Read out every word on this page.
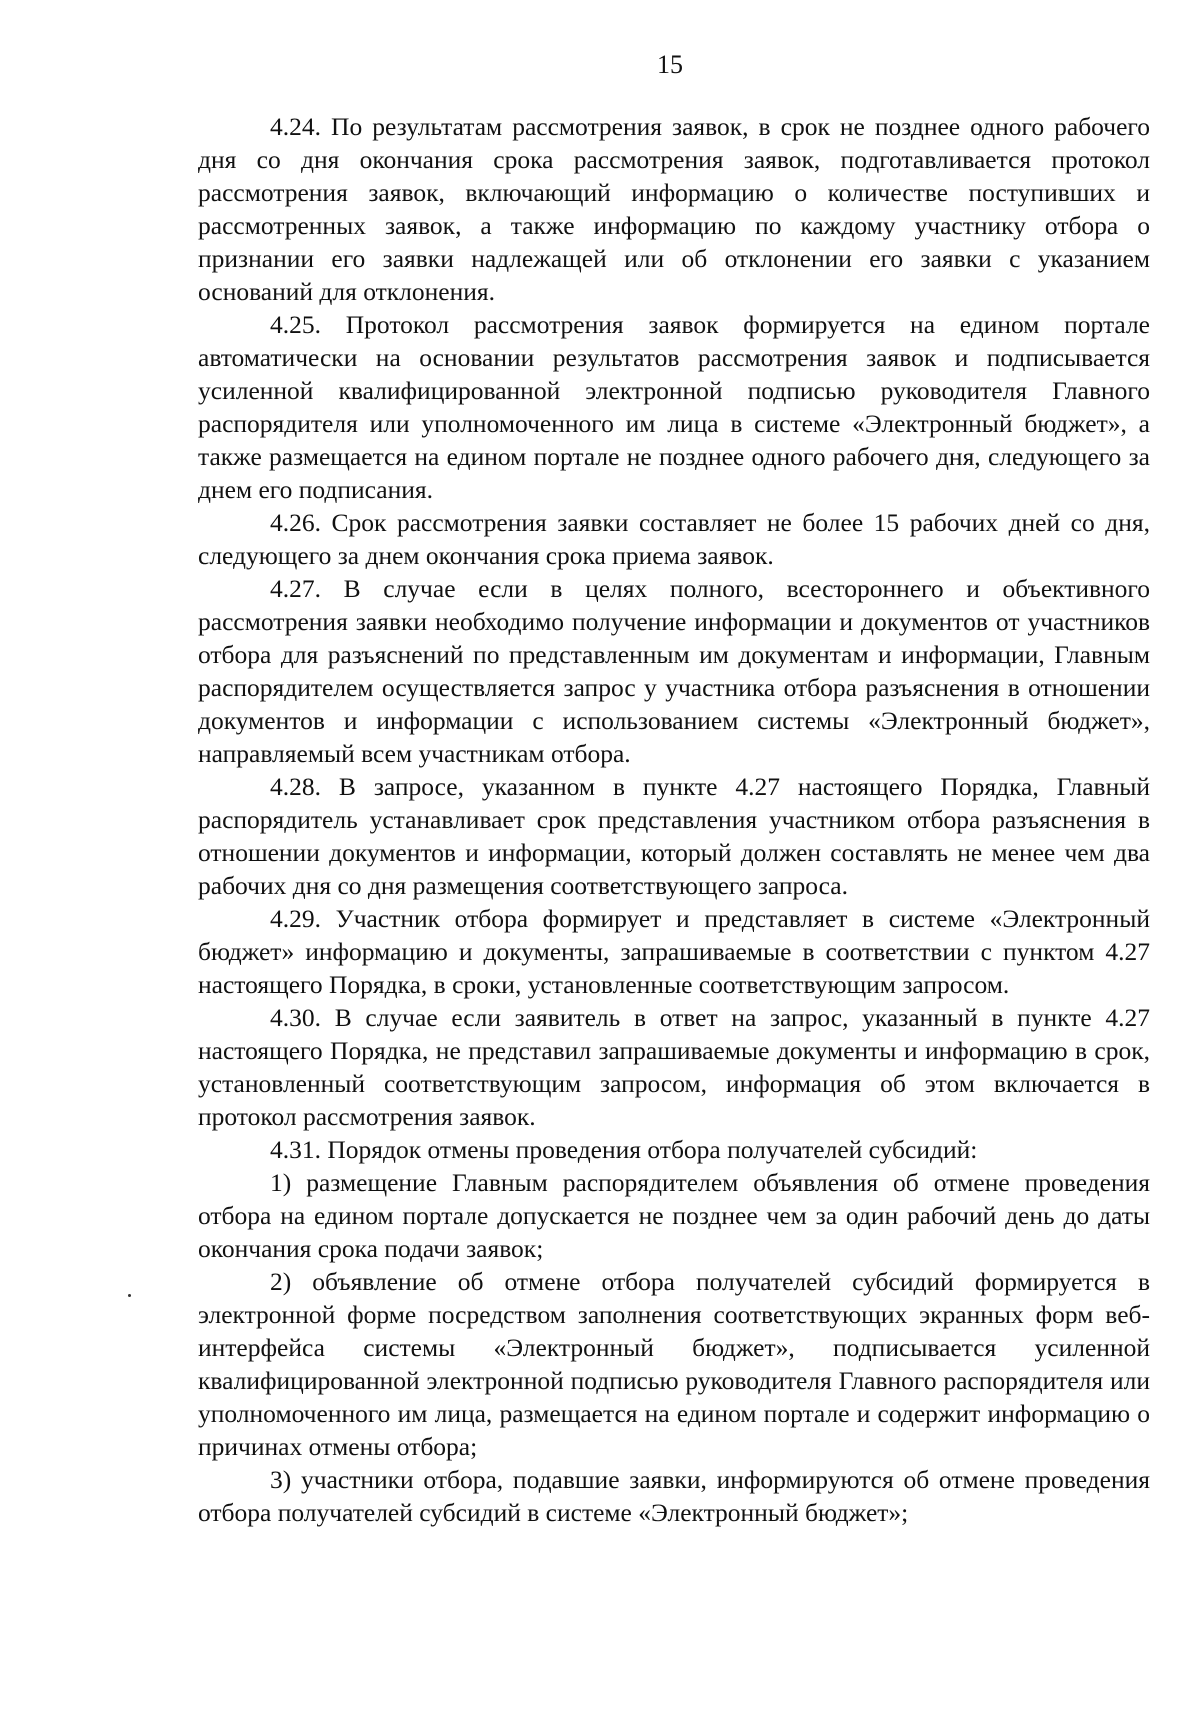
15

4.24. По результатам рассмотрения заявок, в срок не позднее одного рабочего дня со дня окончания срока рассмотрения заявок, подготавливается протокол рассмотрения заявок, включающий информацию о количестве поступивших и рассмотренных заявок, а также информацию по каждому участнику отбора о признании его заявки надлежащей или об отклонении его заявки с указанием оснований для отклонения.

4.25. Протокол рассмотрения заявок формируется на едином портале автоматически на основании результатов рассмотрения заявок и подписывается усиленной квалифицированной электронной подписью руководителя Главного распорядителя или уполномоченного им лица в системе «Электронный бюджет», а также размещается на едином портале не позднее одного рабочего дня, следующего за днем его подписания.

4.26. Срок рассмотрения заявки составляет не более 15 рабочих дней со дня, следующего за днем окончания срока приема заявок.

4.27. В случае если в целях полного, всестороннего и объективного рассмотрения заявки необходимо получение информации и документов от участников отбора для разъяснений по представленным им документам и информации, Главным распорядителем осуществляется запрос у участника отбора разъяснения в отношении документов и информации с использованием системы «Электронный бюджет», направляемый всем участникам отбора.

4.28. В запросе, указанном в пункте 4.27 настоящего Порядка, Главный распорядитель устанавливает срок представления участником отбора разъяснения в отношении документов и информации, который должен составлять не менее чем два рабочих дня со дня размещения соответствующего запроса.

4.29. Участник отбора формирует и представляет в системе «Электронный бюджет» информацию и документы, запрашиваемые в соответствии с пунктом 4.27 настоящего Порядка, в сроки, установленные соответствующим запросом.

4.30. В случае если заявитель в ответ на запрос, указанный в пункте 4.27 настоящего Порядка, не представил запрашиваемые документы и информацию в срок, установленный соответствующим запросом, информация об этом включается в протокол рассмотрения заявок.

4.31. Порядок отмены проведения отбора получателей субсидий:

1) размещение Главным распорядителем объявления об отмене проведения отбора на едином портале допускается не позднее чем за один рабочий день до даты окончания срока подачи заявок;

2) объявление об отмене отбора получателей субсидий формируется в электронной форме посредством заполнения соответствующих экранных форм веб-интерфейса системы «Электронный бюджет», подписывается усиленной квалифицированной электронной подписью руководителя Главного распорядителя или уполномоченного им лица, размещается на едином портале и содержит информацию о причинах отмены отбора;

3) участники отбора, подавшие заявки, информируются об отмене проведения отбора получателей субсидий в системе «Электронный бюджет»;
